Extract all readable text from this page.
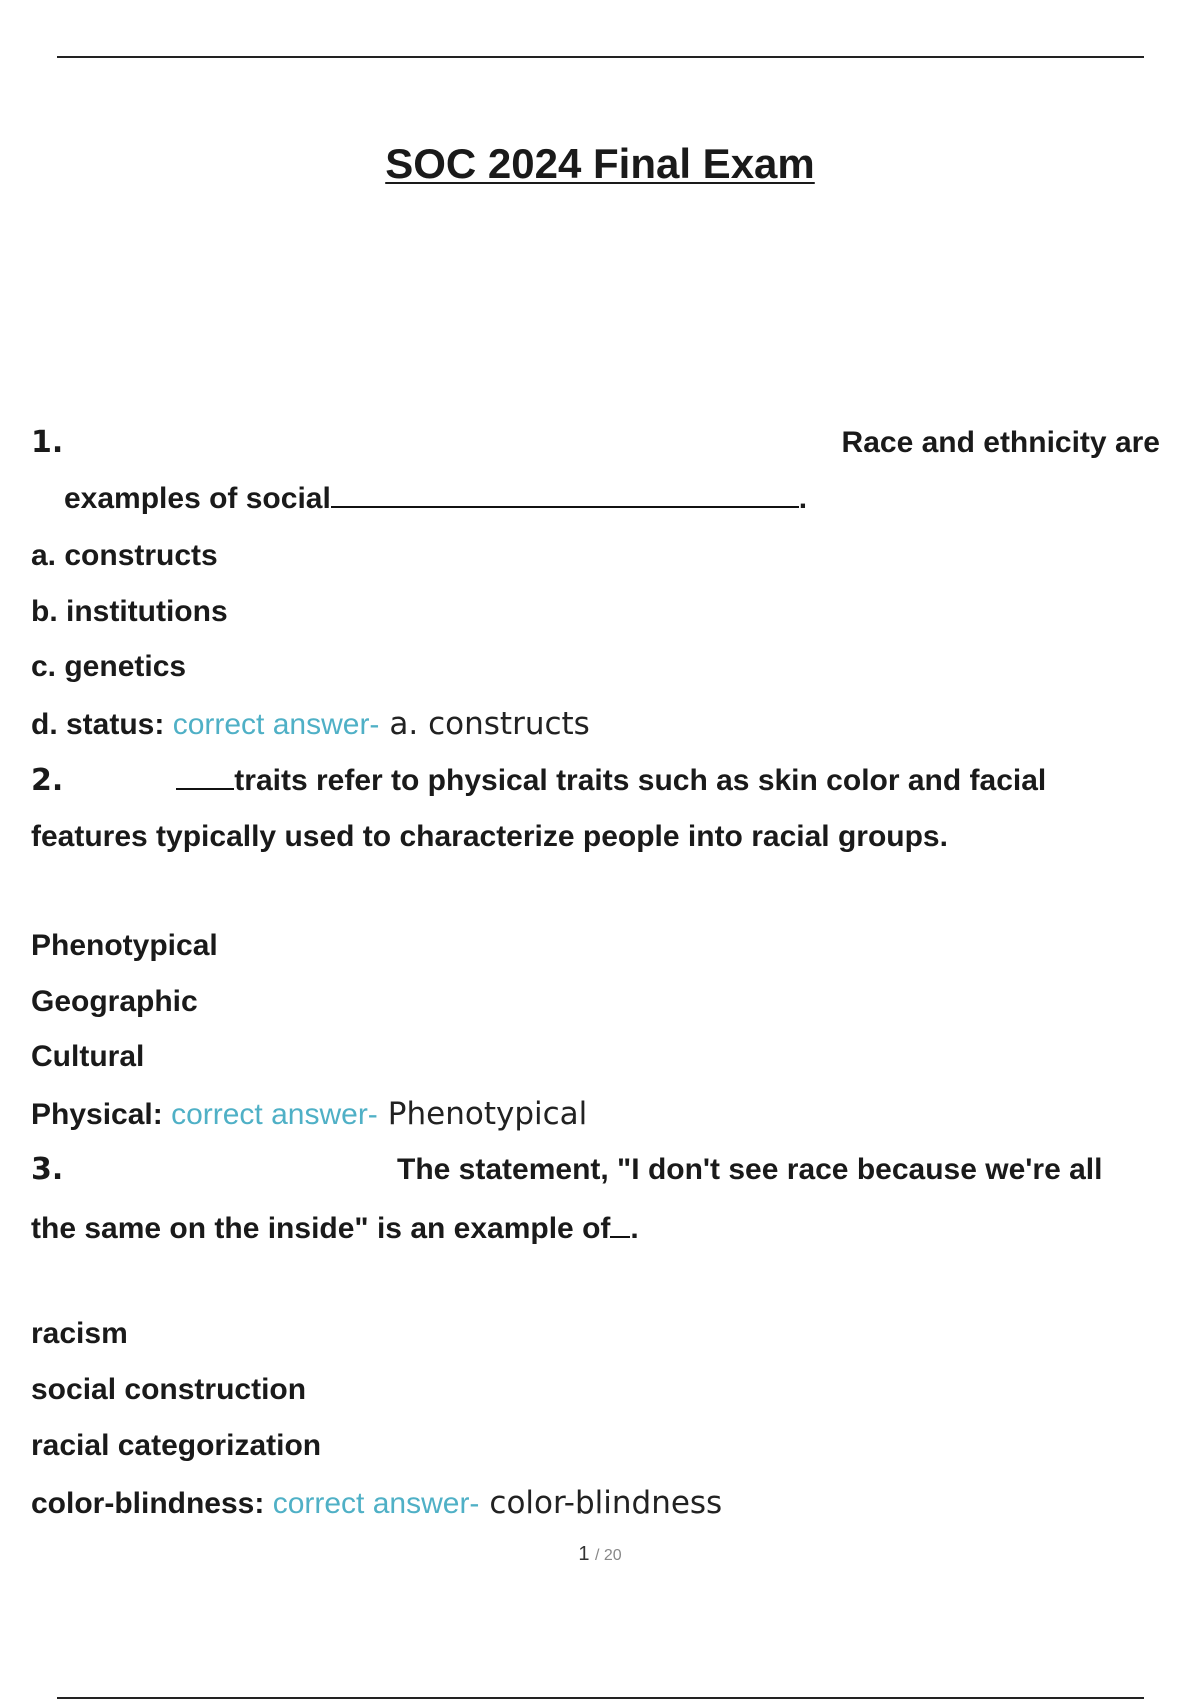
SOC 2024 Final Exam
1.	Race and ethnicity are
examples of social	.
a. constructs
b. institutions
c. genetics
d. status: correct answer- a. constructs
2.	traits refer to physical traits such as skin color and facial
features typically used to characterize people into racial groups.
Phenotypical
Geographic
Cultural
Physical: correct answer- Phenotypical
3.	The statement, "I don't see race because we're all
the same on the inside" is an example of .
racism
social construction
racial categorization
color-blindness: correct answer- color-blindness
1 / 20
